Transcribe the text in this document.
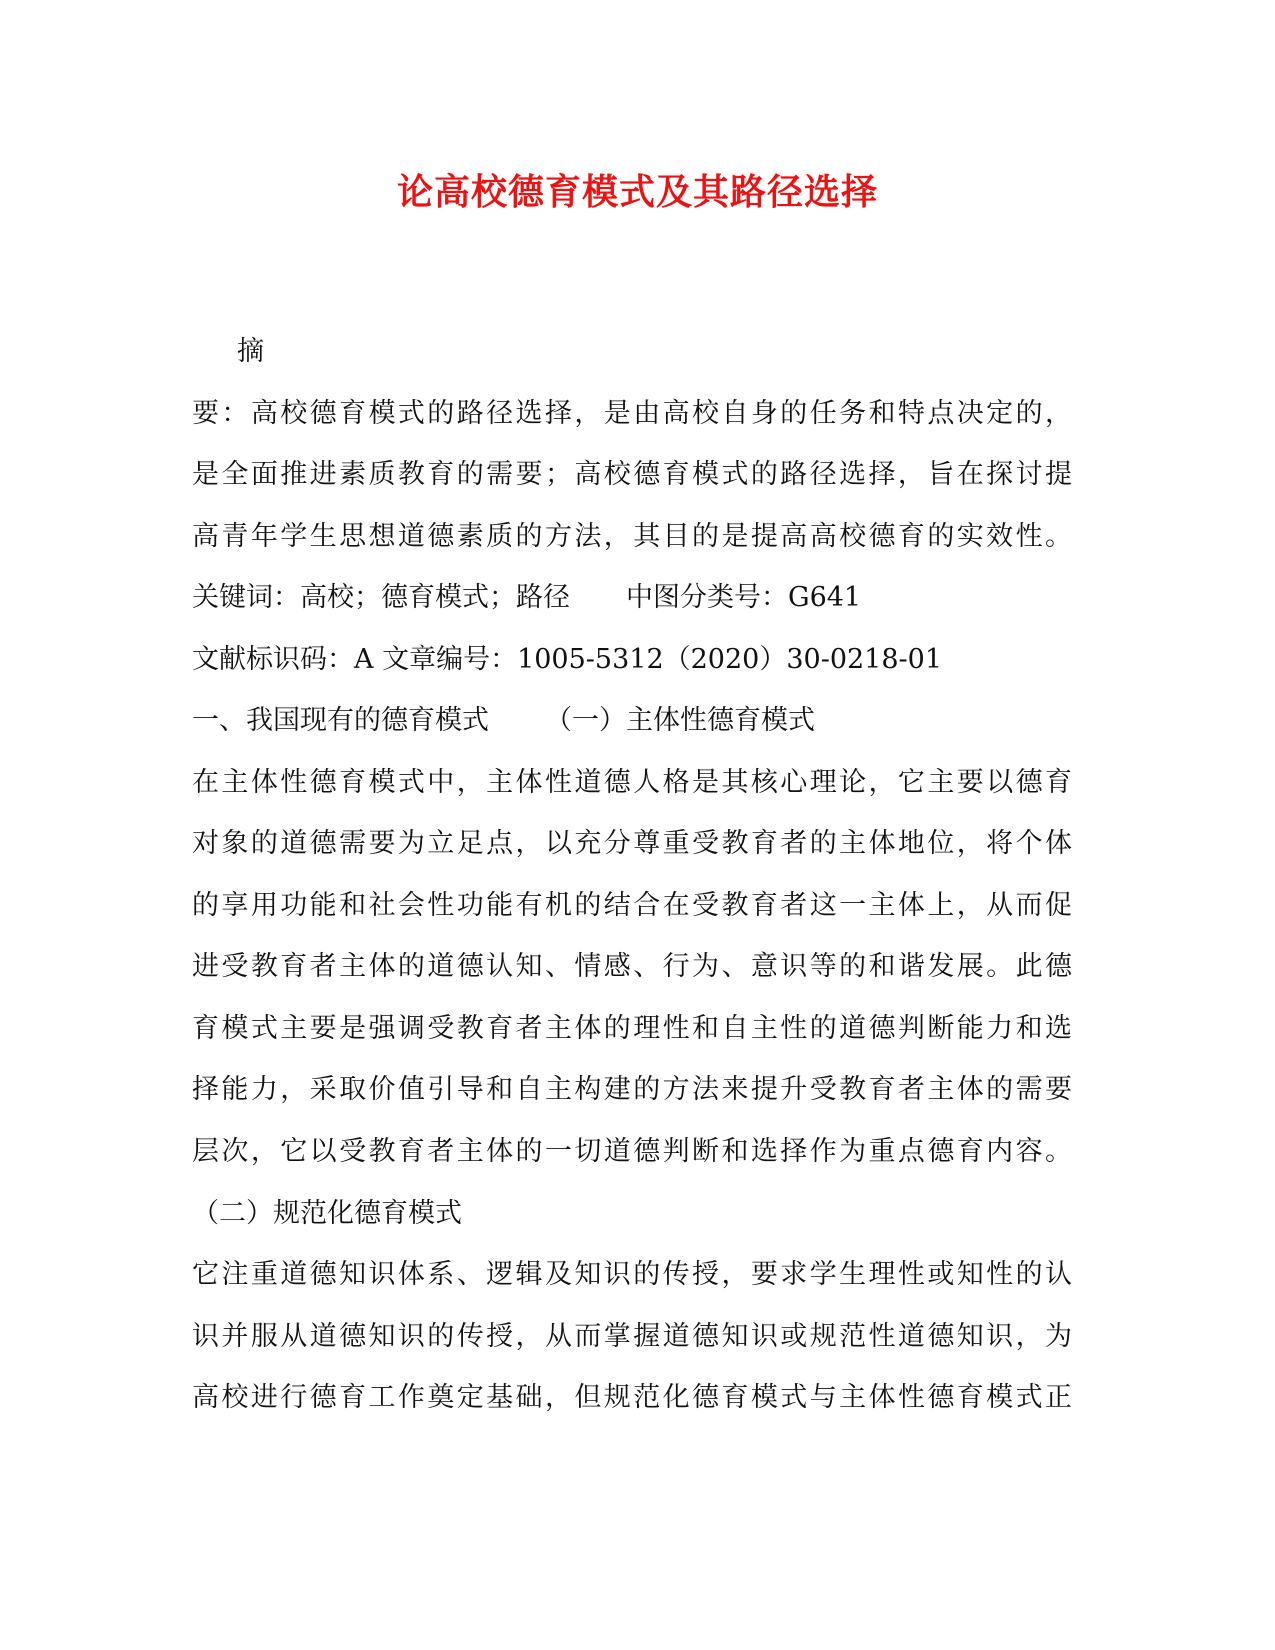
论高校德育模式及其路径选择
摘
要：高校德育模式的路径选择，是由高校自身的任务和特点决定的，
是全面推进素质教育的需要；高校德育模式的路径选择，旨在探讨提
高青年学生思想道德素质的方法，其目的是提高高校德育的实效性。
关键词：高校；德育模式；路径 中图分类号：G641
文献标识码：A 文章编号：1005-5312（2020）30-0218-01
一、我国现有的德育模式 （一）主体性德育模式
在主体性德育模式中，主体性道德人格是其核心理论，它主要以德育
对象的道德需要为立足点，以充分尊重受教育者的主体地位，将个体
的享用功能和社会性功能有机的结合在受教育者这一主体上，从而促
进受教育者主体的道德认知、情感、行为、意识等的和谐发展。此德
育模式主要是强调受教育者主体的理性和自主性的道德判断能力和选
择能力，采取价值引导和自主构建的方法来提升受教育者主体的需要
层次，它以受教育者主体的一切道德判断和选择作为重点德育内容。
（二）规范化德育模式
它注重道德知识体系、逻辑及知识的传授，要求学生理性或知性的认
识并服从道德知识的传授，从而掌握道德知识或规范性道德知识，为
高校进行德育工作奠定基础，但规范化德育模式与主体性德育模式正
